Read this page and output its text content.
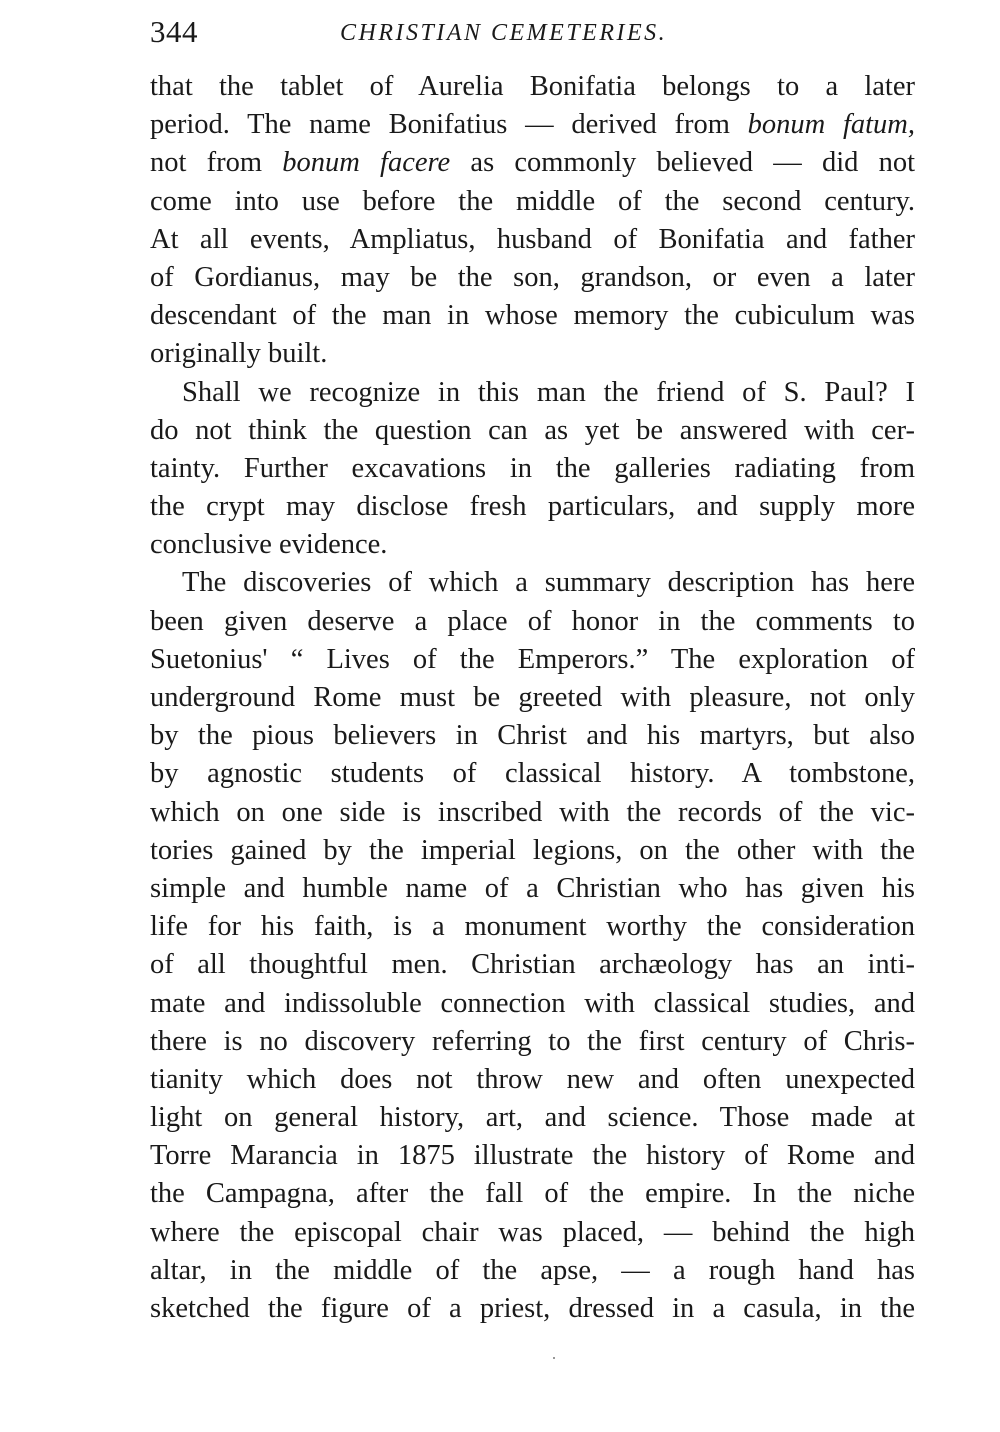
344	CHRISTIAN CEMETERIES.
that the tablet of Aurelia Bonifatia belongs to a later
period. The name Bonifatius — derived from bonum fatum,
not from bonum facere as commonly believed — did not
come into use before the middle of the second century.
At all events, Ampliatus, husband of Bonifatia and father
of Gordianus, may be the son, grandson, or even a later
descendant of the man in whose memory the cubiculum was
originally built.
Shall we recognize in this man the friend of S. Paul? I
do not think the question can as yet be answered with cer-
tainty. Further excavations in the galleries radiating from
the crypt may disclose fresh particulars, and supply more
conclusive evidence.
The discoveries of which a summary description has here
been given deserve a place of honor in the comments to
Suetonius' “ Lives of the Emperors.” The exploration of
underground Rome must be greeted with pleasure, not only
by the pious believers in Christ and his martyrs, but also
by agnostic students of classical history. A tombstone,
which on one side is inscribed with the records of the vic-
tories gained by the imperial legions, on the other with the
simple and humble name of a Christian who has given his
life for his faith, is a monument worthy the consideration
of all thoughtful men. Christian archæology has an inti-
mate and indissoluble connection with classical studies, and
there is no discovery referring to the first century of Chris-
tianity which does not throw new and often unexpected
light on general history, art, and science. Those made at
Torre Marancia in 1875 illustrate the history of Rome and
the Campagna, after the fall of the empire. In the niche
where the episcopal chair was placed, — behind the high
altar, in the middle of the apse, — a rough hand has
sketched the figure of a priest, dressed in a casula, in the
